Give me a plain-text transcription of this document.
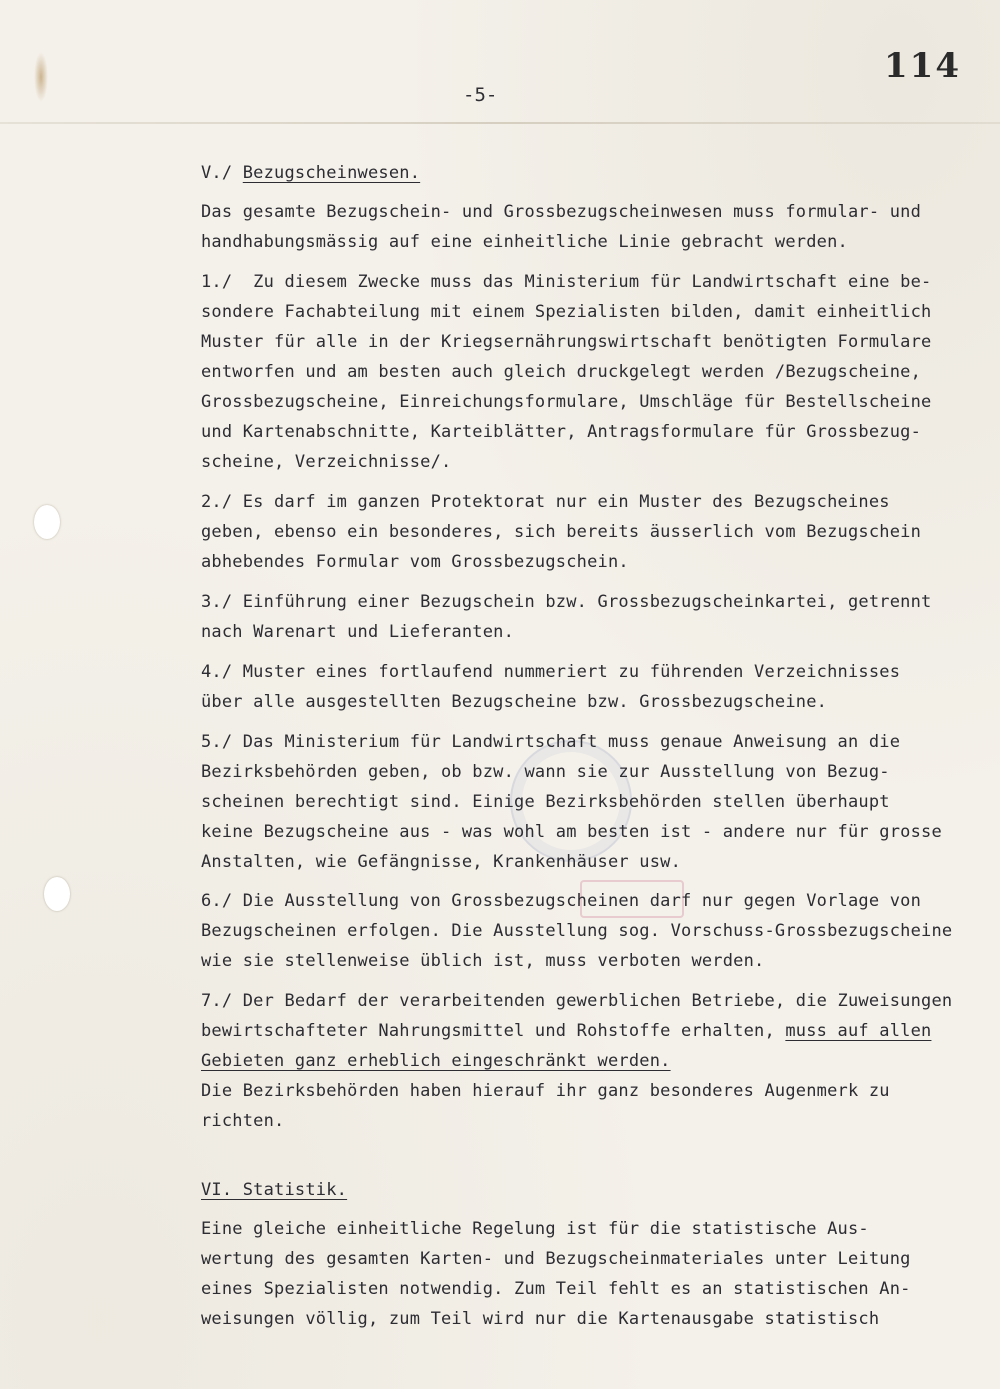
114
-5-
V./ Bezugscheinwesen.
Das gesamte Bezugschein- und Grossbezugscheinwesen muss formular- und
handhabungsmässig auf eine einheitliche Linie gebracht werden.
1./  Zu diesem Zwecke muss das Ministerium für Landwirtschaft eine be-
sondere Fachabteilung mit einem Spezialisten bilden, damit einheitlich
Muster für alle in der Kriegsernährungswirtschaft benötigten Formulare
entworfen und am besten auch gleich druckgelegt werden /Bezugscheine,
Grossbezugscheine, Einreichungsformulare, Umschläge für Bestellscheine
und Kartenabschnitte, Karteiblätter, Antragsformulare für Grossbezug-
scheine, Verzeichnisse/.
2./ Es darf im ganzen Protektorat nur ein Muster des Bezugscheines
geben, ebenso ein besonderes, sich bereits äusserlich vom Bezugschein
abhebendes Formular vom Grossbezugschein.
3./ Einführung einer Bezugschein bzw. Grossbezugscheinkartei, getrennt
nach Warenart und Lieferanten.
4./ Muster eines fortlaufend nummeriert zu führenden Verzeichnisses
über alle ausgestellten Bezugscheine bzw. Grossbezugscheine.
5./ Das Ministerium für Landwirtschaft muss genaue Anweisung an die
Bezirksbehörden geben, ob bzw. wann sie zur Ausstellung von Bezug-
scheinen berechtigt sind. Einige Bezirksbehörden stellen überhaupt
keine Bezugscheine aus - was wohl am besten ist - andere nur für grosse
Anstalten, wie Gefängnisse, Krankenhäuser usw.
6./ Die Ausstellung von Grossbezugscheinen darf nur gegen Vorlage von
Bezugscheinen erfolgen. Die Ausstellung sog. Vorschuss-Grossbezugscheine
wie sie stellenweise üblich ist, muss verboten werden.
7./ Der Bedarf der verarbeitenden gewerblichen Betriebe, die Zuweisungen
bewirtschafteter Nahrungsmittel und Rohstoffe erhalten, muss auf allen
Gebieten ganz erheblich eingeschränkt werden.
Die Bezirksbehörden haben hierauf ihr ganz besonderes Augenmerk zu
richten.
VI. Statistik.
Eine gleiche einheitliche Regelung ist für die statistische Aus-
wertung des gesamten Karten- und Bezugscheinmateriales unter Leitung
eines Spezialisten notwendig. Zum Teil fehlt es an statistischen An-
weisungen völlig, zum Teil wird nur die Kartenausgabe statistisch
